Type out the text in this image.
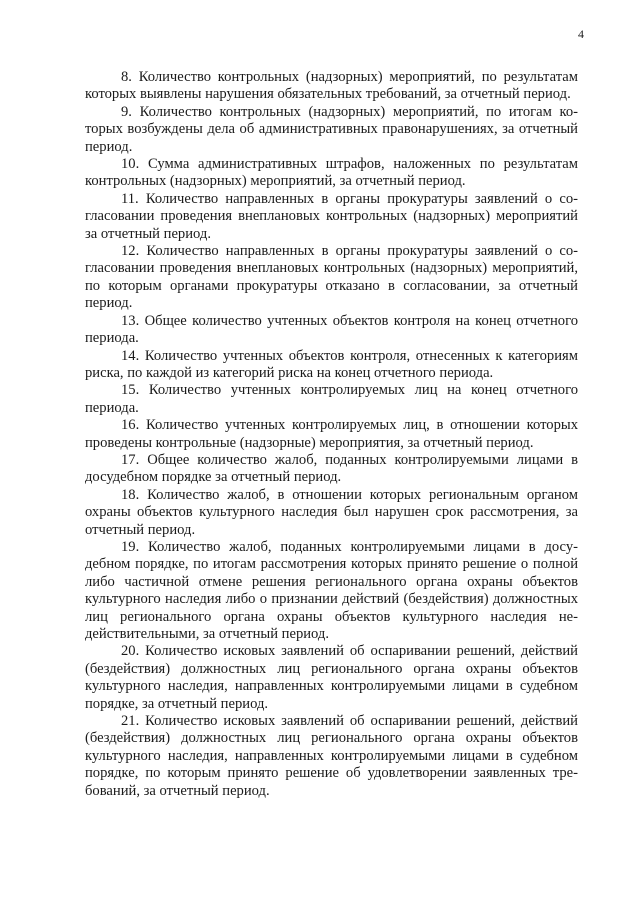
4

8. Количество контрольных (надзорных) мероприятий, по результатам которых выявлены нарушения обязательных требований, за отчетный период.

9. Количество контрольных (надзорных) мероприятий, по итогам которых возбуждены дела об административных правонарушениях, за отчетный период.

10. Сумма административных штрафов, наложенных по результатам контрольных (надзорных) мероприятий, за отчетный период.

11. Количество направленных в органы прокуратуры заявлений о согласовании проведения внеплановых контрольных (надзорных) мероприятий за отчетный период.

12. Количество направленных в органы прокуратуры заявлений о согласовании проведения внеплановых контрольных (надзорных) мероприятий, по которым органами прокуратуры отказано в согласовании, за отчетный период.

13. Общее количество учтенных объектов контроля на конец отчетного периода.

14. Количество учтенных объектов контроля, отнесенных к категориям риска, по каждой из категорий риска на конец отчетного периода.

15. Количество учтенных контролируемых лиц на конец отчетного периода.

16. Количество учтенных контролируемых лиц, в отношении которых проведены контрольные (надзорные) мероприятия, за отчетный период.

17. Общее количество жалоб, поданных контролируемыми лицами в досудебном порядке за отчетный период.

18. Количество жалоб, в отношении которых региональным органом охраны объектов культурного наследия был нарушен срок рассмотрения, за отчетный период.

19. Количество жалоб, поданных контролируемыми лицами в досудебном порядке, по итогам рассмотрения которых принято решение о полной либо частичной отмене решения регионального органа охраны объектов культурного наследия либо о признании действий (бездействия) должностных лиц регионального органа охраны объектов культурного наследия недействительными, за отчетный период.

20. Количество исковых заявлений об оспаривании решений, действий (бездействия) должностных лиц регионального органа охраны объектов культурного наследия, направленных контролируемыми лицами в судебном порядке, за отчетный период.

21. Количество исковых заявлений об оспаривании решений, действий (бездействия) должностных лиц регионального органа охраны объектов культурного наследия, направленных контролируемыми лицами в судебном порядке, по которым принято решение об удовлетворении заявленных требований, за отчетный период.
